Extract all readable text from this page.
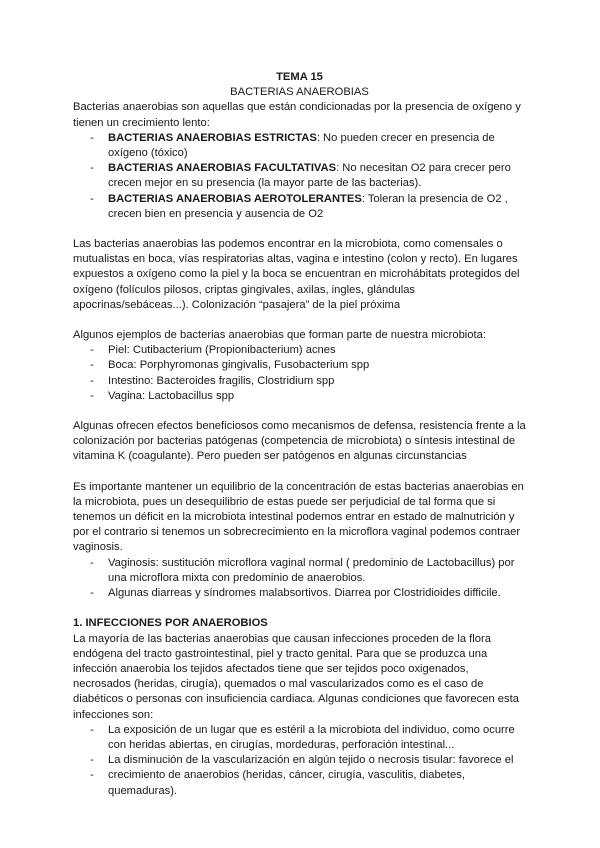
TEMA 15

BACTERIAS ANAEROBIAS

Bacterias anaerobias son aquellas que están condicionadas por la presencia de oxígeno y tienen un crecimiento lento:

- BACTERIAS ANAEROBIAS ESTRICTAS: No pueden crecer en presencia de oxígeno (tóxico)
- BACTERIAS ANAEROBIAS FACULTATIVAS: No necesitan O2 para crecer pero crecen mejor en su presencia (la mayor parte de las bacterias).
- BACTERIAS ANAEROBIAS AEROTOLERANTES: Toleran la presencia de O2 , crecen bien en presencia y ausencia de O2

Las bacterias anaerobias las podemos encontrar en la microbiota, como comensales o mutualistas en boca, vías respiratorias altas, vagina e intestino (colon y recto). En lugares expuestos a oxígeno como la piel y la boca se encuentran en microhábitats protegidos del oxígeno (folículos pilosos, criptas gingivales, axilas, ingles, glándulas apocrinas/sebáceas...). Colonización “pasajera” de la piel próxima

Algunos ejemplos de bacterias anaerobias que forman parte de nuestra microbiota:

- Piel: Cutibacterium (Propionibacterium) acnes
- Boca: Porphyromonas gingivalis, Fusobacterium spp
- Intestino: Bacteroides fragilis, Clostridium spp
- Vagina: Lactobacillus spp

Algunas ofrecen efectos beneficiosos como mecanismos de defensa, resistencia frente a la colonización por bacterias patógenas (competencia de microbiota) o síntesis intestinal de vitamina K (coagulante). Pero pueden ser patógenos en algunas circunstancias

Es importante mantener un equilibrio de la concentración de estas bacterias anaerobias en la microbiota, pues un desequilibrio de estas puede ser perjudicial de tal forma que si tenemos un déficit en la microbiota intestinal podemos entrar en estado de malnutrición y por el contrario si tenemos un sobrecrecimiento en la microflora vaginal podemos contraer vaginosis.

- Vaginosis: sustitución microflora vaginal normal ( predominio de Lactobacillus) por una microflora mixta con predominio de anaerobios.
- Algunas diarreas y síndromes malabsortivos. Diarrea por Clostridioides difficile.
1. INFECCIONES POR ANAEROBIOS

La mayoría de las bacterias anaerobias que causan infecciones proceden de la flora endógena del tracto gastrointestinal, piel y tracto genital. Para que se produzca una infección anaerobia los tejidos afectados tiene que ser tejidos poco oxigenados, necrosados (heridas, cirugía), quemados o mal vascularizados como es el caso de diabéticos o personas con insuficiencia cardiaca. Algunas condiciones que favorecen esta infecciones son:

- La exposición de un lugar que es estéril a la microbiota del individuo, como ocurre con heridas abiertas, en cirugías, mordeduras, perforación intestinal...
- La disminución de la vascularización en algún tejido o necrosis tisular: favorece el
- crecimiento de anaerobios (heridas, cáncer, cirugía, vasculitis, diabetes, quemaduras).
